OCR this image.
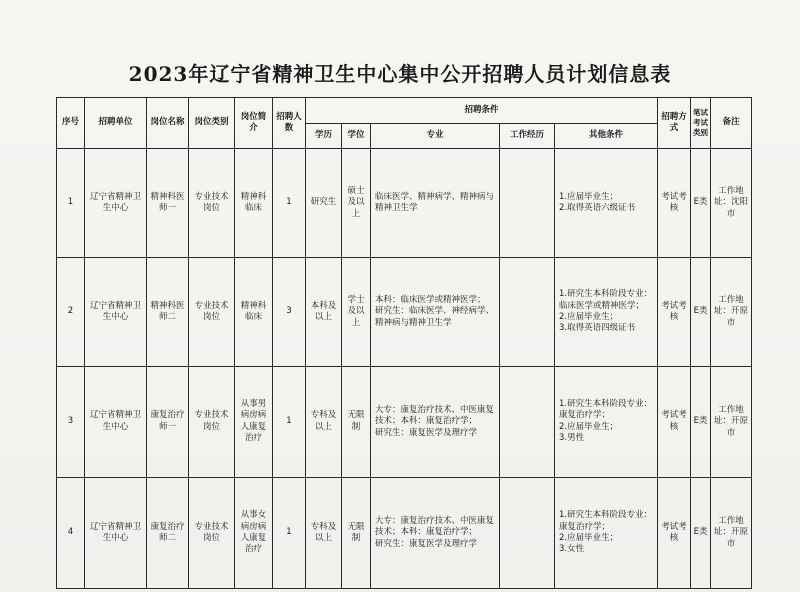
2023年辽宁省精神卫生中心集中公开招聘人员计划信息表
序号	招聘单位	岗位名称	岗位类别	岗位简介	招聘人数	招聘条件					招聘方式	笔试考试类别	备注
						学历	学位	专业	工作经历	其他条件			
1	辽宁省精神卫生中心	精神科医师一	专业技术岗位	精神科临床	1	研究生	硕士及以上	临床医学、精神病学、精神病与精神卫生学		1.应届毕业生；
2.取得英语六级证书	考试考核	E类	工作地址：沈阳市
2	辽宁省精神卫生中心	精神科医师二	专业技术岗位	精神科临床	3	本科及以上	学士及以上	本科：临床医学或精神医学；
研究生：临床医学、神经病学、精神病与精神卫生学		1.研究生本科阶段专业：临床医学或精神医学；
2.应届毕业生；
3.取得英语四级证书	考试考核	E类	工作地址：开原市
3	辽宁省精神卫生中心	康复治疗师一	专业技术岗位	从事男病房病人康复治疗	1	专科及以上	无限制	大专：康复治疗技术、中医康复技术；本科：康复治疗学；
研究生：康复医学及理疗学		1.研究生本科阶段专业：康复治疗学；
2.应届毕业生；
3.男性	考试考核	E类	工作地址：开原市
4	辽宁省精神卫生中心	康复治疗师二	专业技术岗位	从事女病房病人康复治疗	1	专科及以上	无限制	大专：康复治疗技术、中医康复技术；本科：康复治疗学；
研究生：康复医学及理疗学		1.研究生本科阶段专业：康复治疗学；
2.应届毕业生；
3.女性	考试考核	E类	工作地址：开原市
